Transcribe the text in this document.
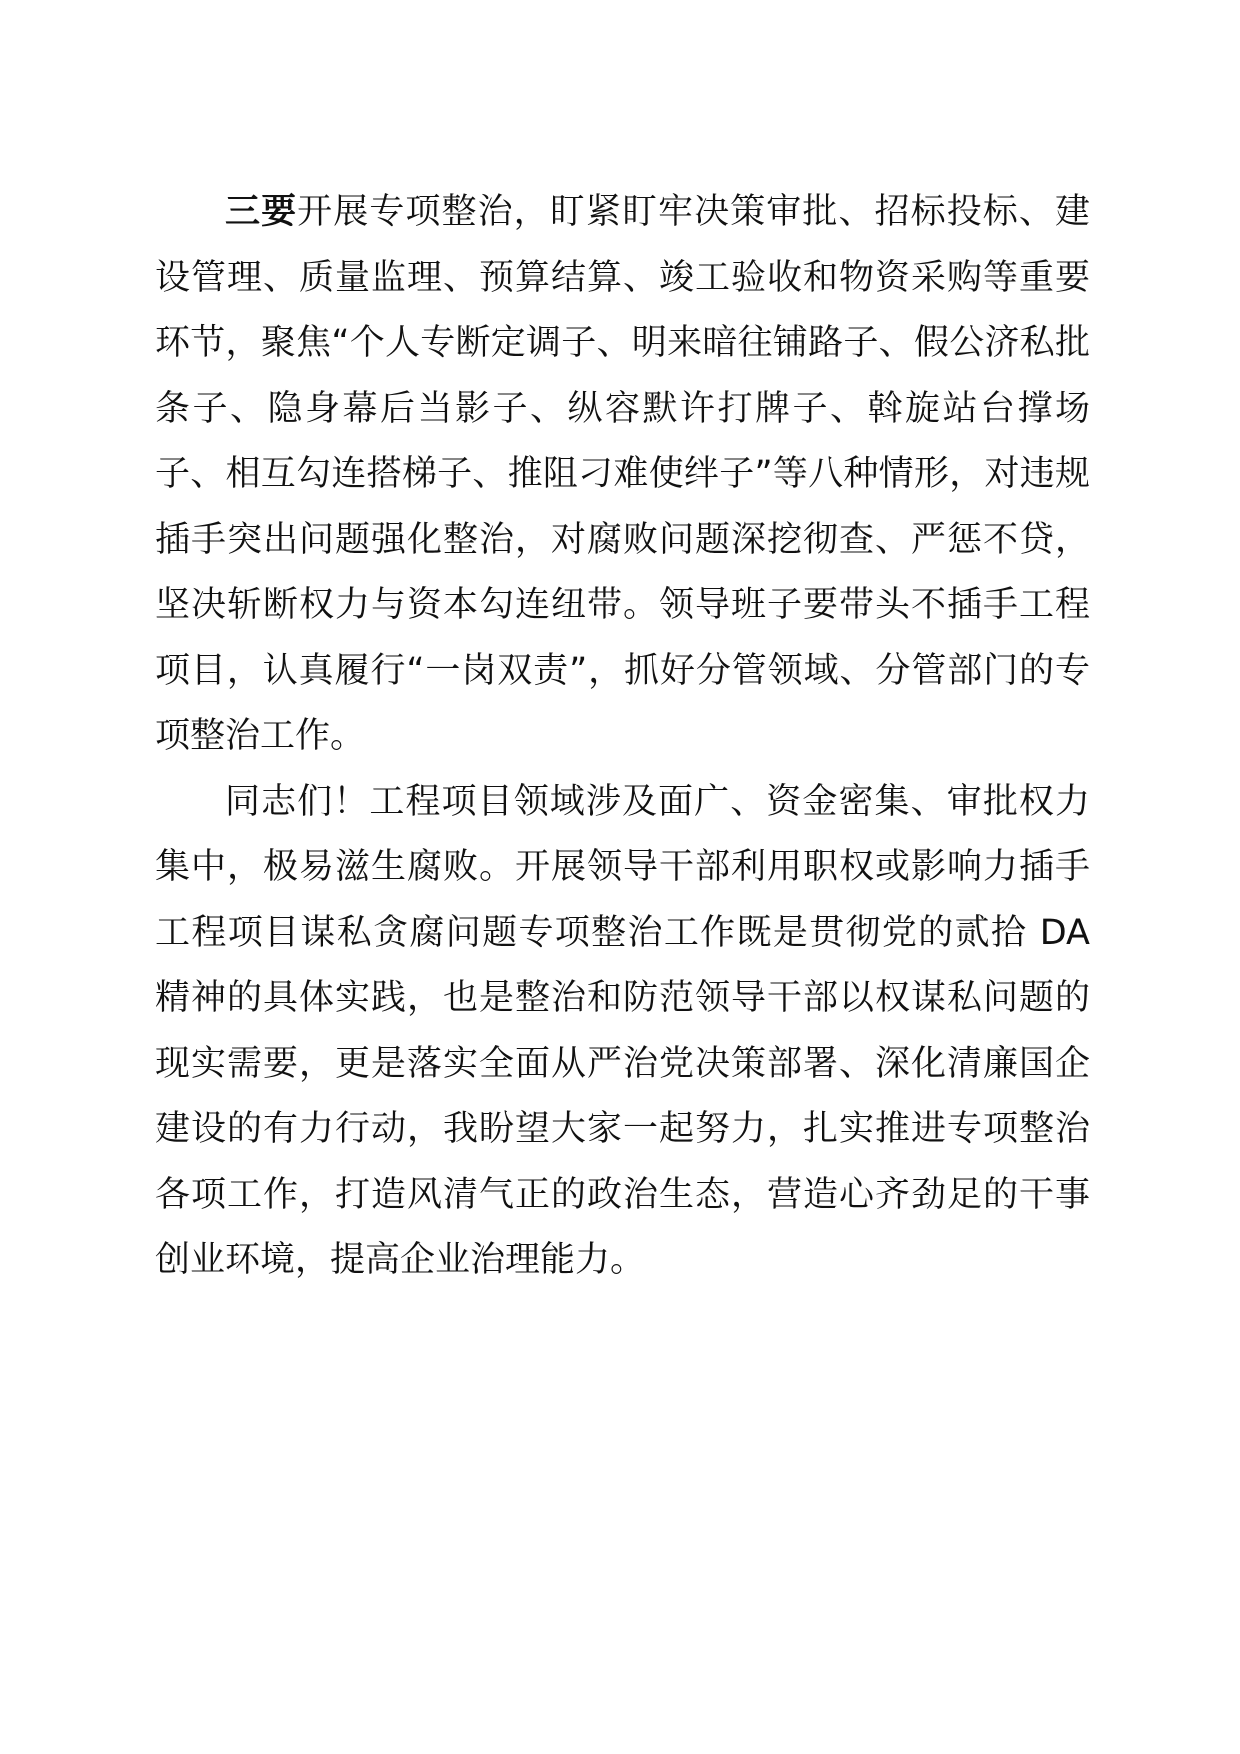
三要开展专项整治，盯紧盯牢决策审批、招标投标、建设管理、质量监理、预算结算、竣工验收和物资采购等重要环节，聚焦“个人专断定调子、明来暗往铺路子、假公济私批条子、隐身幕后当影子、纵容默许打牌子、斡旋站台撑场子、相互勾连搭梯子、推阻刁难使绊子”等八种情形，对违规插手突出问题强化整治，对腐败问题深挖彻查、严惩不贷，坚决斩断权力与资本勾连纽带。领导班子要带头不插手工程项目，认真履行“一岗双责”，抓好分管领域、分管部门的专项整治工作。

同志们！工程项目领域涉及面广、资金密集、审批权力集中，极易滋生腐败。开展领导干部利用职权或影响力插手工程项目谋私贪腐问题专项整治工作既是贯彻党的贰拾 DA 精神的具体实践，也是整治和防范领导干部以权谋私问题的现实需要，更是落实全面从严治党决策部署、深化清廉国企建设的有力行动，我盼望大家一起努力，扎实推进专项整治各项工作，打造风清气正的政治生态，营造心齐劲足的干事创业环境，提高企业治理能力。
